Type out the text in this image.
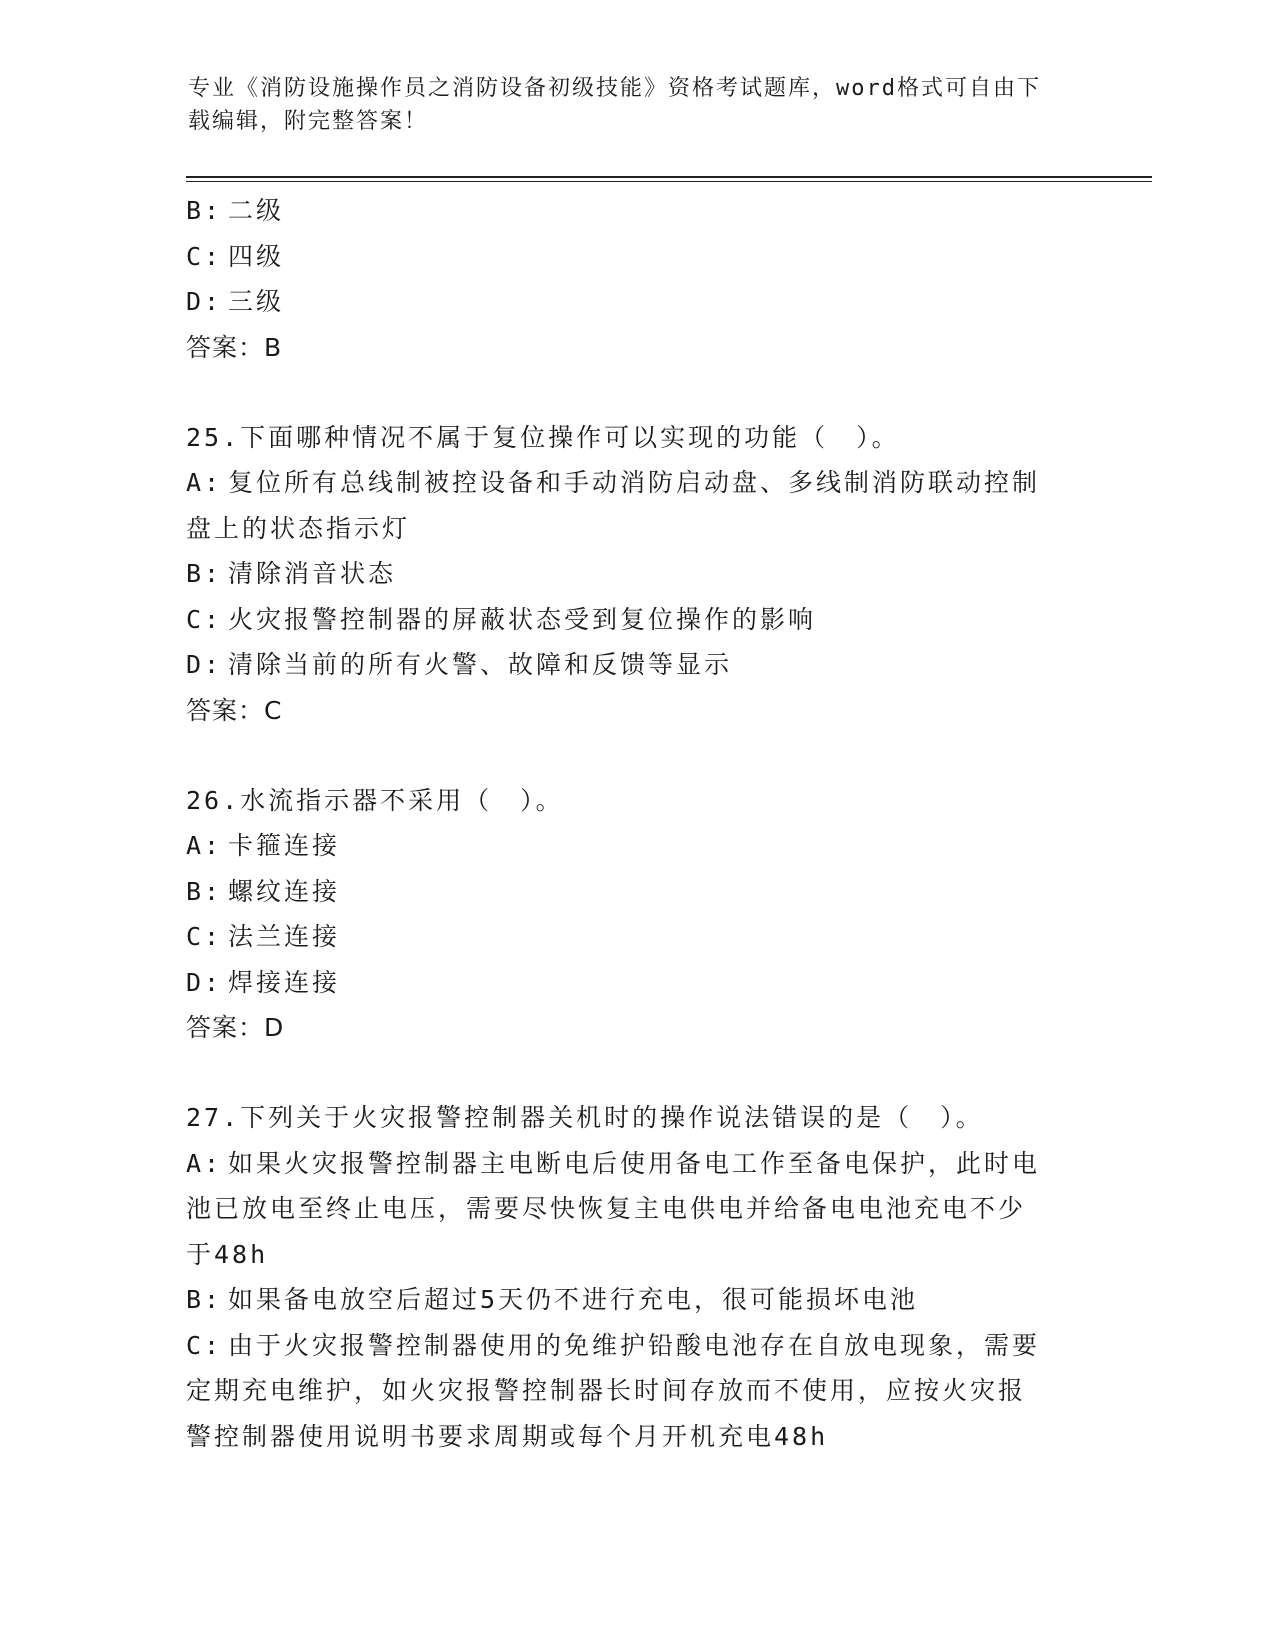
专业《消防设施操作员之消防设备初级技能》资格考试题库，word格式可自由下
载编辑，附完整答案！
B: 二级
C: 四级
D: 三级
答案：B
25.下面哪种情况不属于复位操作可以实现的功能（　）。
A: 复位所有总线制被控设备和手动消防启动盘、多线制消防联动控制
盘上的状态指示灯
B: 清除消音状态
C: 火灾报警控制器的屏蔽状态受到复位操作的影响
D: 清除当前的所有火警、故障和反馈等显示
答案：C
26.水流指示器不采用（　）。
A: 卡箍连接
B: 螺纹连接
C: 法兰连接
D: 焊接连接
答案：D
27.下列关于火灾报警控制器关机时的操作说法错误的是（　）。
A: 如果火灾报警控制器主电断电后使用备电工作至备电保护，此时电
池已放电至终止电压，需要尽快恢复主电供电并给备电电池充电不少
于48h
B: 如果备电放空后超过5天仍不进行充电，很可能损坏电池
C: 由于火灾报警控制器使用的免维护铅酸电池存在自放电现象，需要
定期充电维护，如火灾报警控制器长时间存放而不使用，应按火灾报
警控制器使用说明书要求周期或每个月开机充电48h
